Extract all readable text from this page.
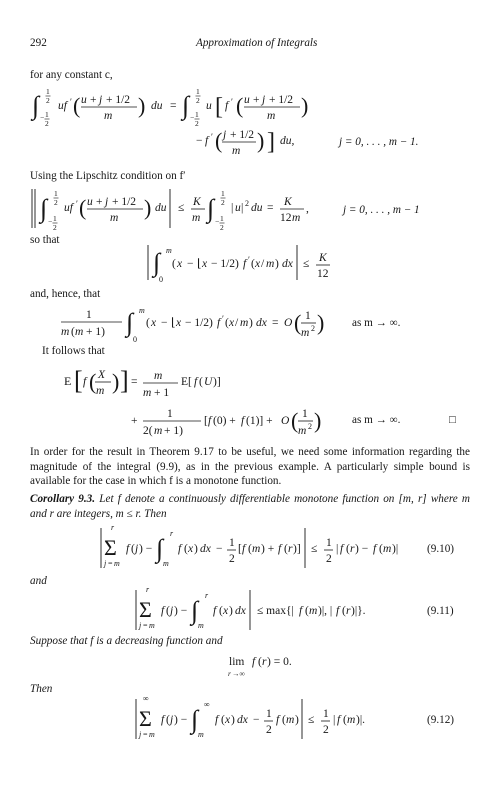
292	Approximation of Integrals
for any constant c,
∫ 1
2
− 1
2
uf ′ ( u + j + 1/2
m ) du = ∫ 1
2
− 1
2
u [ f ′ ( u + j + 1/2
m )
− f ′ ( j + 1/2
m ) ] du,	j = 0, . . . , m − 1.
Using the Lipschitz condition on f′
∫
1
2
− 1
2
uf ′ ( u + j + 1/2
m ) du ≤ K
m ∫
1
2
− 1
2
| u | 2 du = K
12 m
,	j = 0, . . . , m − 1
so that
∫ m
0
( x − ⌊ x − 1/2) f ′ ( x / m ) dx ≤ K
12
and, hence, that
1
m ( m + 1) ∫ m
0
( x − ⌊ x − 1/2) f ′ ( x / m ) dx = O ( 1
m 2 ) as m → ∞.
It follows that
E [ f ( X
m ) ] = m
m + 1
E[ f ( U )]
+
1
2( m + 1)
[ f (0) + f (1)] + O ( 1
m 2 )	as m → ∞.	□
In order for the result in Theorem 9.17 to be useful, we need some information regarding the magnitude of the integral (9.9), as in the previous example. A particularly simple bound is available for the case in which f is a monotone function.
Corollary 9.3. Let f denote a continuously differentiable monotone function on [m, r] where m and r are integers, m ≤ r. Then
r
Σ
j = m
f ( j ) − ∫
r
m
f ( x ) dx − 1
2
[ f ( m ) + f ( r )] ≤ 1
2
| f ( r ) − f ( m )|	(9.10)
and
r
Σ
j = m
f ( j ) − ∫
r
m
f ( x ) dx ≤ max{| f ( m )|, | f ( r )|}.	(9.11)
Suppose that f is a decreasing function and
lim
r →∞
f ( r ) = 0.
Then
∞
Σ
j = m
f ( j ) − ∫
∞
m
f ( x ) dx − 1
2
f ( m ) ≤ 1
2
| f ( m )|.	(9.12)
